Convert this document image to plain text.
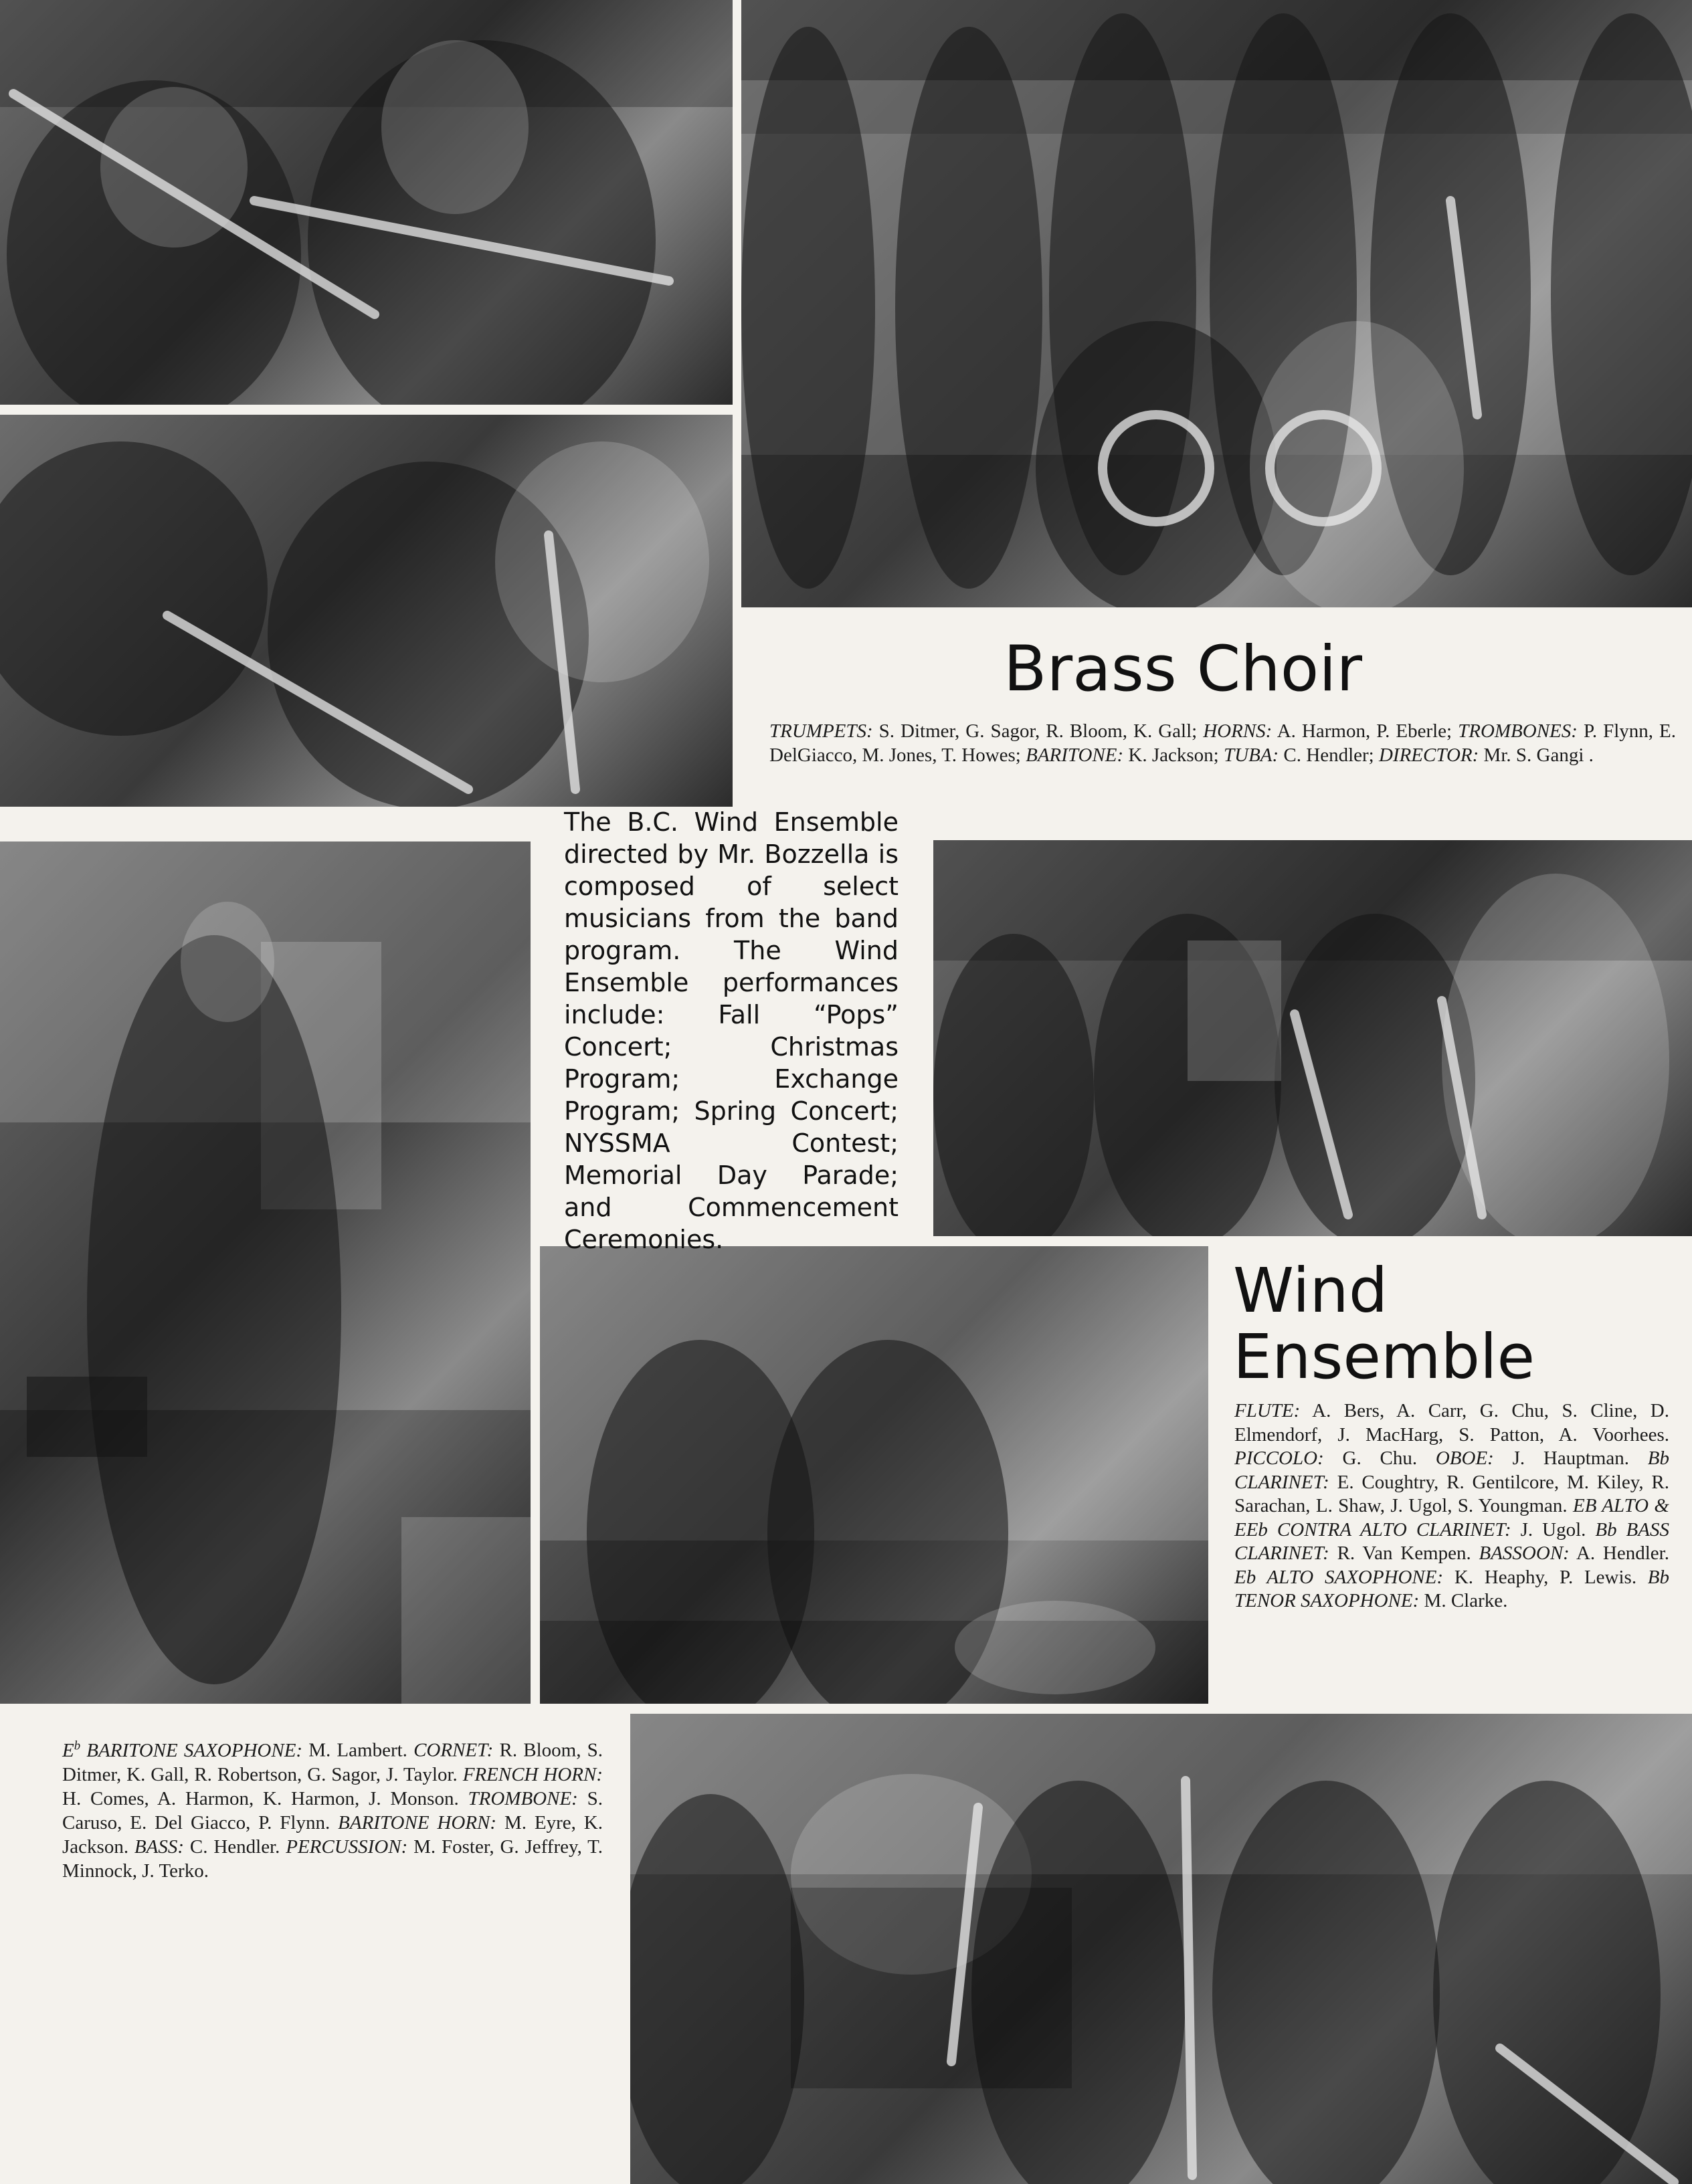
Brass Choir
TRUMPETS: S. Ditmer, G. Sagor, R. Bloom, K. Gall; HORNS: A. Harmon, P. Eberle; TROMBONES: P. Flynn, E. DelGiacco, M. Jones, T. Howes; BARITONE: K. Jackson; TUBA: C. Hendler; DIRECTOR: Mr. S. Gangi .
The B.C. Wind Ensemble directed by Mr. Bozzella is composed of select musicians from the band program. The Wind Ensemble performances include: Fall “Pops” Concert; Christmas Program; Exchange Program; Spring Concert; NYSSMA Contest; Memorial Day Parade; and Commencement Ceremonies.
Wind
Ensemble
FLUTE: A. Bers, A. Carr, G. Chu, S. Cline, D. Elmendorf, J. MacHarg, S. Patton, A. Voorhees. PICCOLO: G. Chu. OBOE: J. Hauptman. Bb CLARINET: E. Coughtry, R. Gentilcore, M. Kiley, R. Sarachan, L. Shaw, J. Ugol, S. Youngman. EB ALTO & EEb CONTRA ALTO CLARINET: J. Ugol. Bb BASS CLARINET: R. Van Kempen. BASSOON: A. Hendler. Eb ALTO SAXOPHONE: K. Heaphy, P. Lewis. Bb TENOR SAXOPHONE: M. Clarke.
$E^b$ BARITONE SAXOPHONE: M. Lambert. CORNET: R. Bloom, S. Ditmer, K. Gall, R. Robertson, G. Sagor, J. Taylor. FRENCH HORN: H. Comes, A. Harmon, K. Harmon, J. Monson. TROMBONE: S. Caruso, E. Del Giacco, P. Flynn. BARITONE HORN: M. Eyre, K. Jackson. BASS: C. Hendler. PERCUSSION: M. Foster, G. Jeffrey, T. Minnock, J. Terko.
